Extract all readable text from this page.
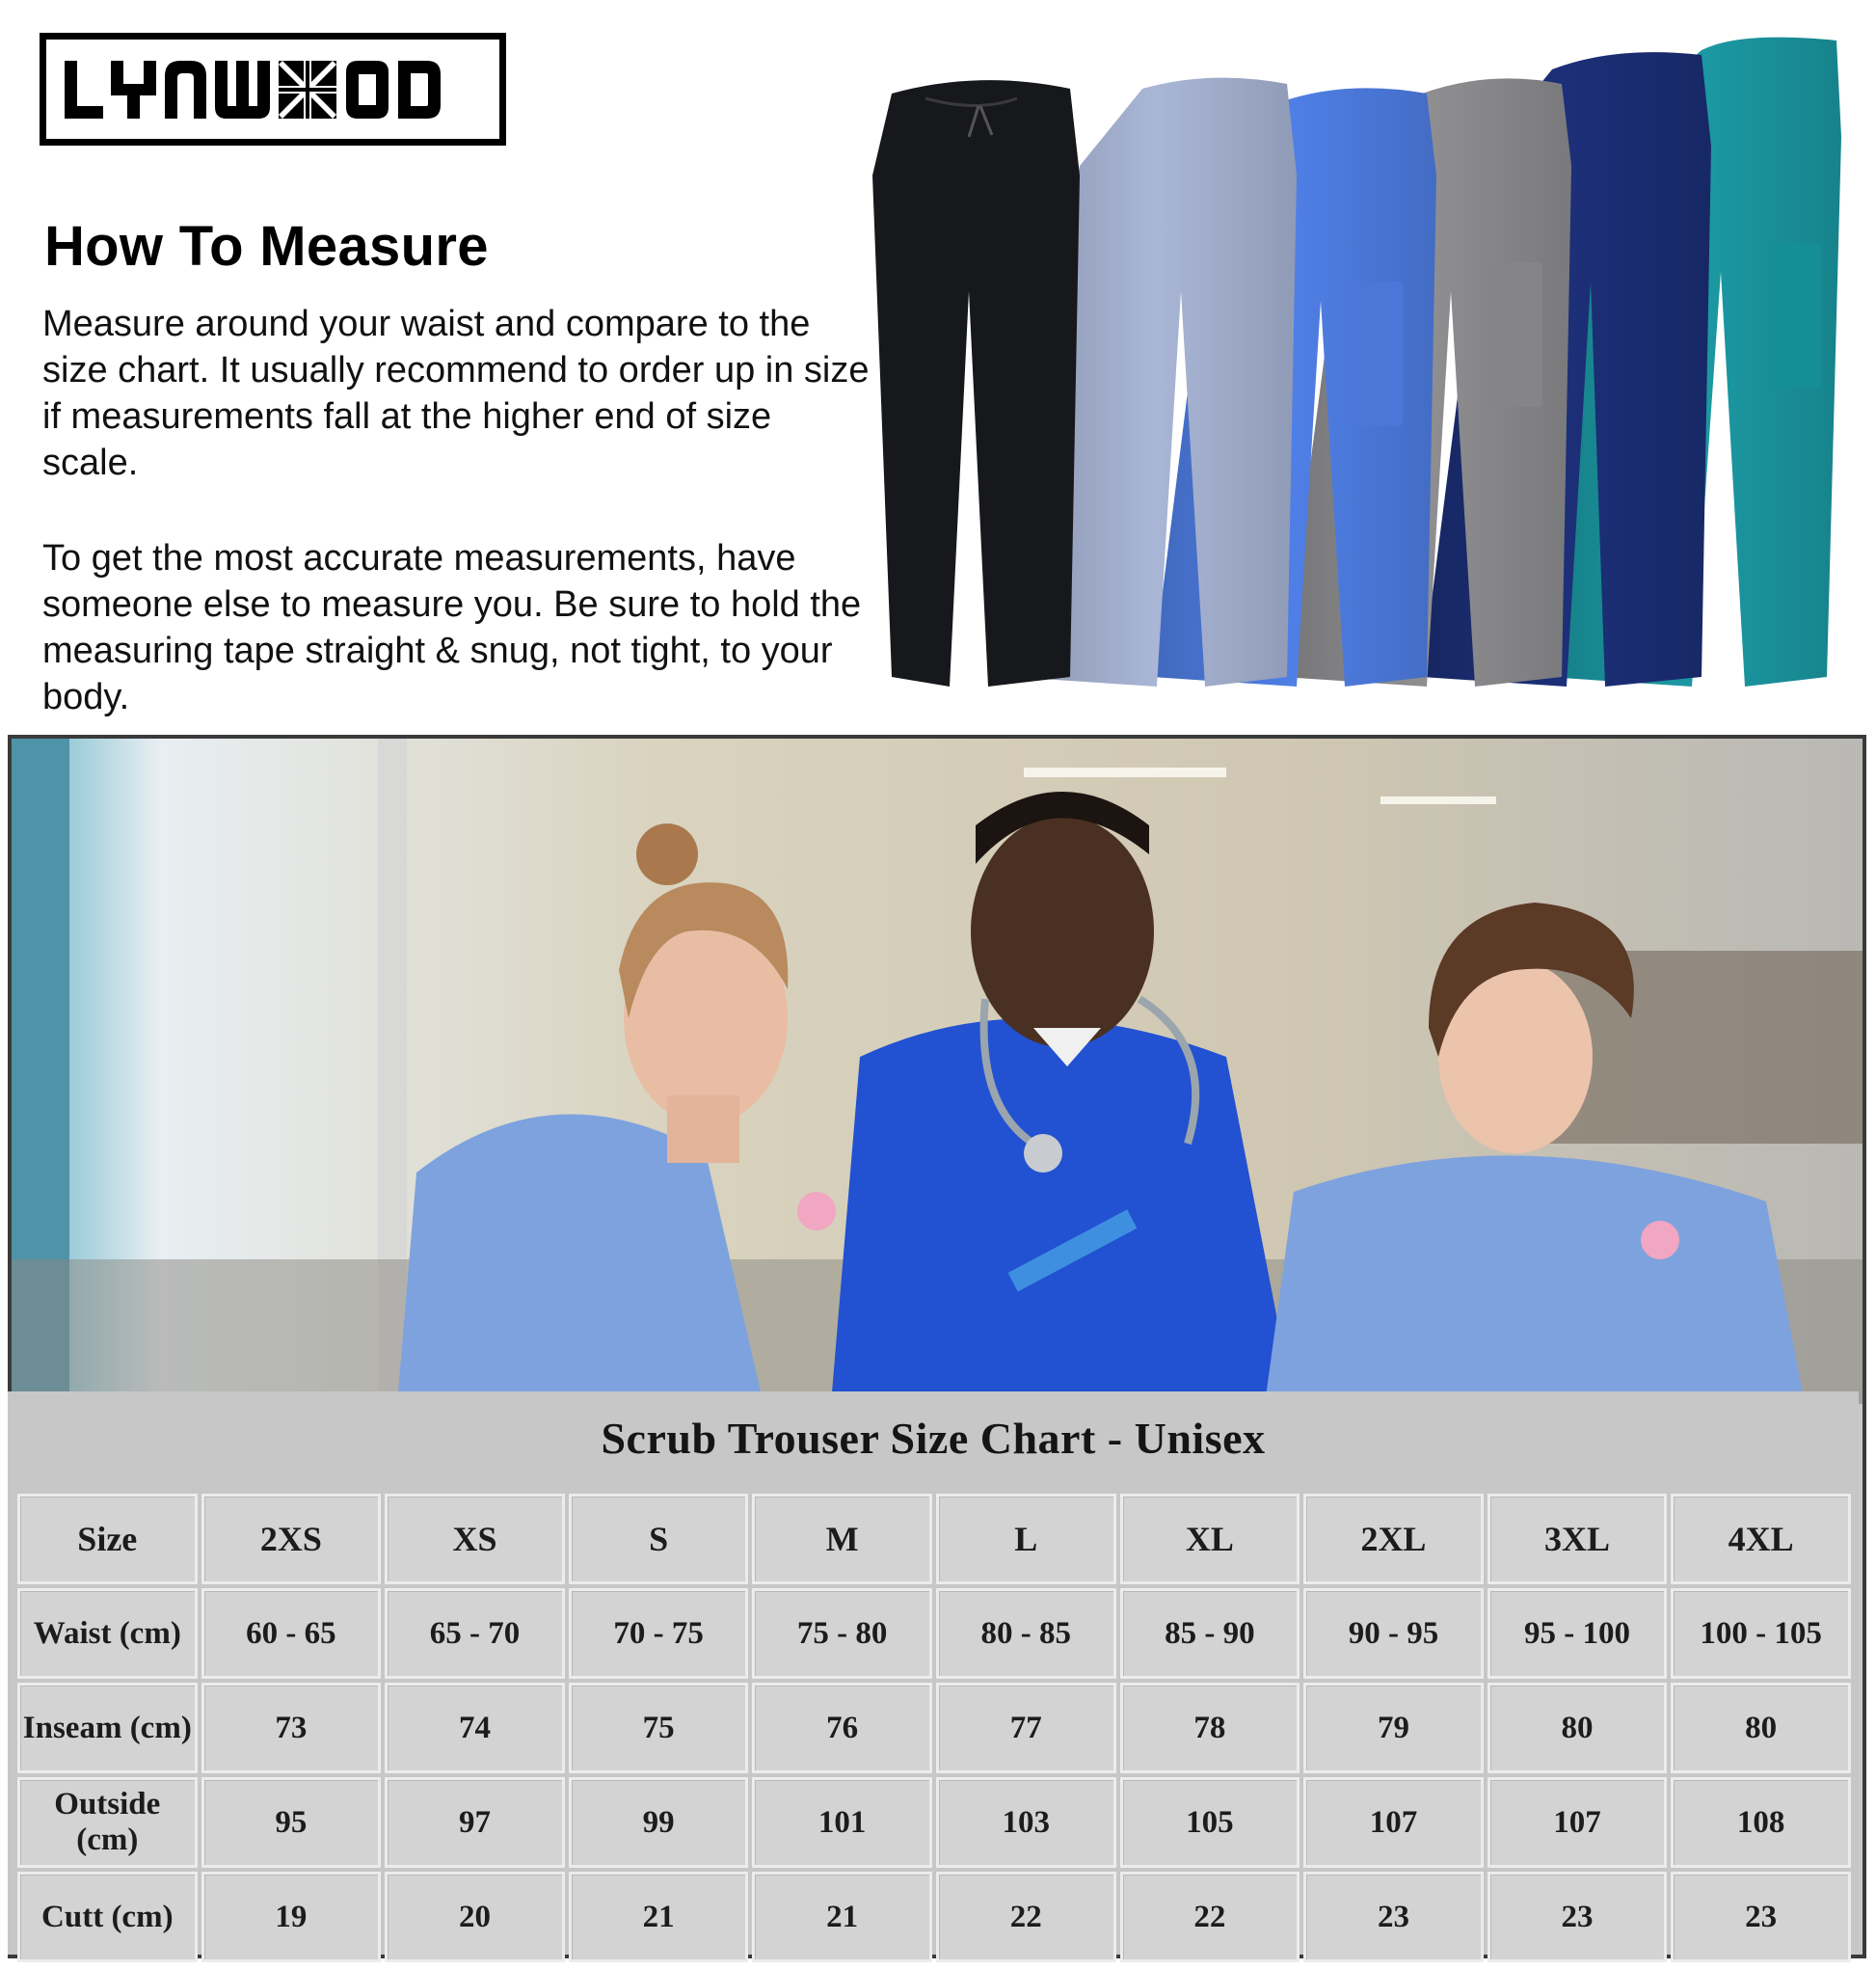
How To Measure

Measure around your waist and compare to the size chart. It usually recommend to order up in size if measurements fall at the higher end of size scale.

To get the most accurate measurements, have someone else to measure you. Be sure to hold the measuring tape straight & snug, not tight, to your body.

Scrub Trouser Size Chart - Unisex
Size	2XS	XS	S	M	L	XL	2XL	3XL	4XL
Waist (cm)	60 - 65	65 - 70	70 - 75	75 - 80	80 - 85	85 - 90	90 - 95	95 - 100	100 - 105
Inseam (cm)	73	74	75	76	77	78	79	80	80
Outside (cm)	95	97	99	101	103	105	107	107	108
Cutt (cm)	19	20	21	21	22	22	23	23	23
